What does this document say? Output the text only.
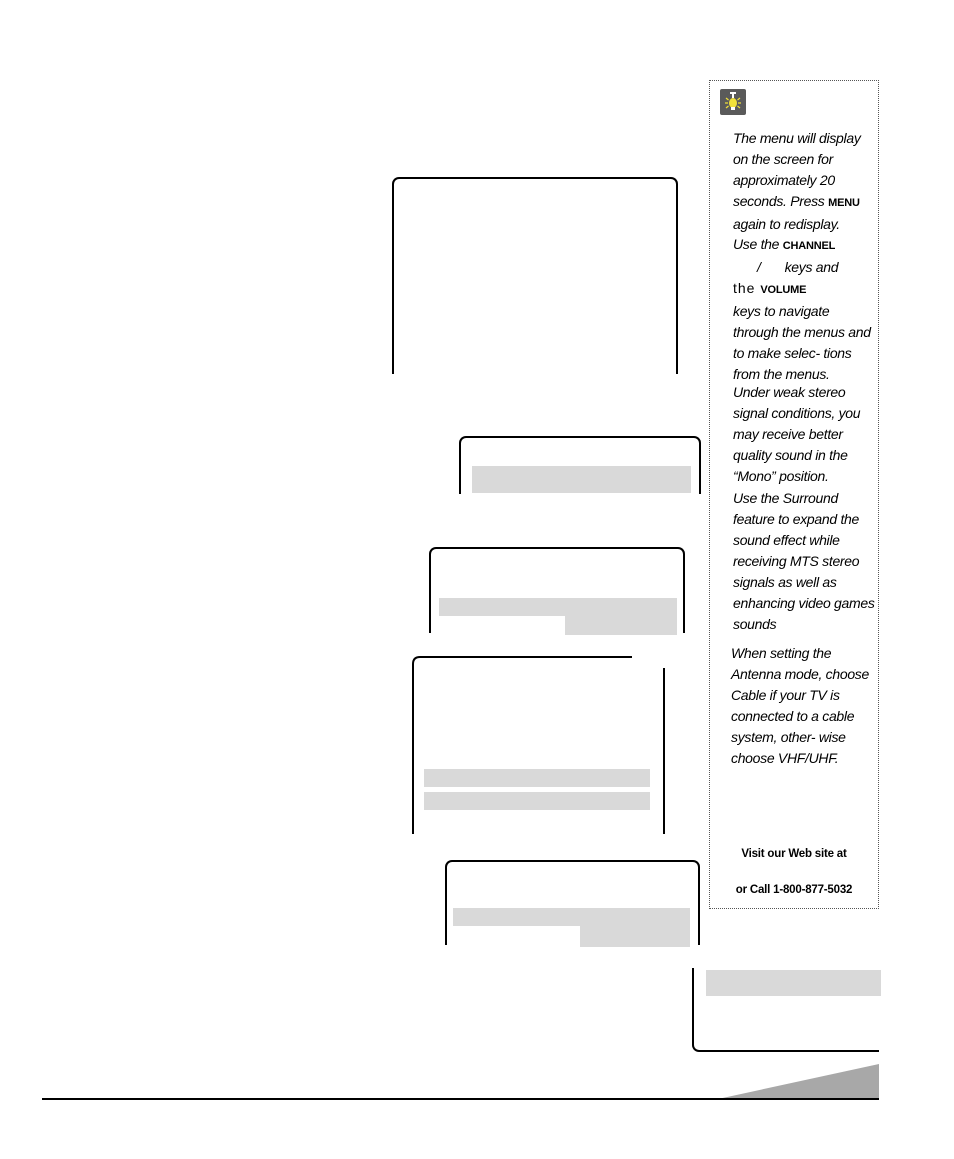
The menu will display on the screen for approximately 20 seconds. Press MENU again to redisplay.
Use the CHANNEL
/ keys and
the VOLUME
keys to navigate through the menus and to make selec- tions from the menus.
Under weak stereo signal conditions, you may receive better quality sound in the “Mono” position.
Use the Surround feature to expand the sound effect while receiving MTS stereo signals as well as enhancing video games sounds
When setting the Antenna mode, choose Cable if your TV is connected to a cable system, other- wise choose VHF/UHF.
Visit our Web site at
or Call 1-800-877-5032
